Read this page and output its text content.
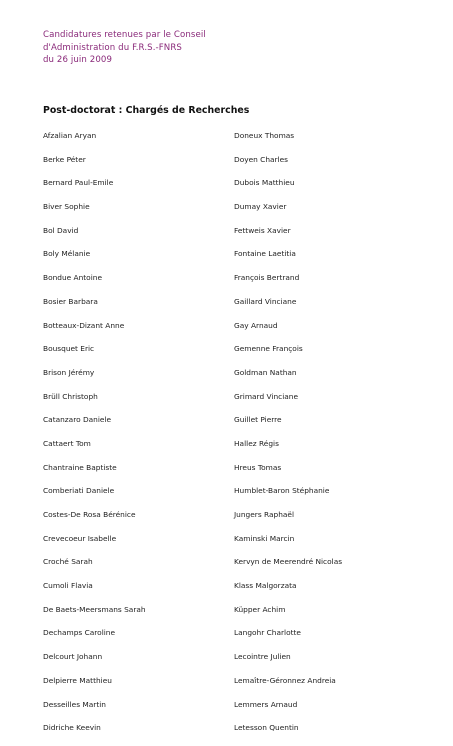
Candidatures retenues par le Conseil
d'Administration du F.R.S.-FNRS
du 26 juin 2009
Post-doctorat : Chargés de Recherches
Afzalian Aryan
Berke Péter
Bernard Paul-Emile
Biver Sophie
Bol David
Boly Mélanie
Bondue Antoine
Bosier Barbara
Botteaux-Dizant Anne
Bousquet Eric
Brison Jérémy
Brüll Christoph
Catanzaro Daniele
Cattaert Tom
Chantraine Baptiste
Comberiati Daniele
Costes-De Rosa Bérénice
Crevecoeur Isabelle
Croché Sarah
Cumoli Flavia
De Baets-Meersmans Sarah
Dechamps Caroline
Delcourt Johann
Delpierre Matthieu
Desseilles Martin
Didriche Keevin
Doneux Thomas
Doyen Charles
Dubois Matthieu
Dumay Xavier
Fettweis Xavier
Fontaine Laetitia
François Bertrand
Gaillard Vinciane
Gay Arnaud
Gemenne François
Goldman Nathan
Grimard Vinciane
Guillet Pierre
Hallez Régis
Hreus Tomas
Humblet-Baron Stéphanie
Jungers Raphaël
Kaminski Marcin
Kervyn de Meerendré Nicolas
Klass Malgorzata
Küpper Achim
Langohr Charlotte
Lecointre Julien
Lemaître-Géronnez Andreia
Lemmers Arnaud
Letesson Quentin
